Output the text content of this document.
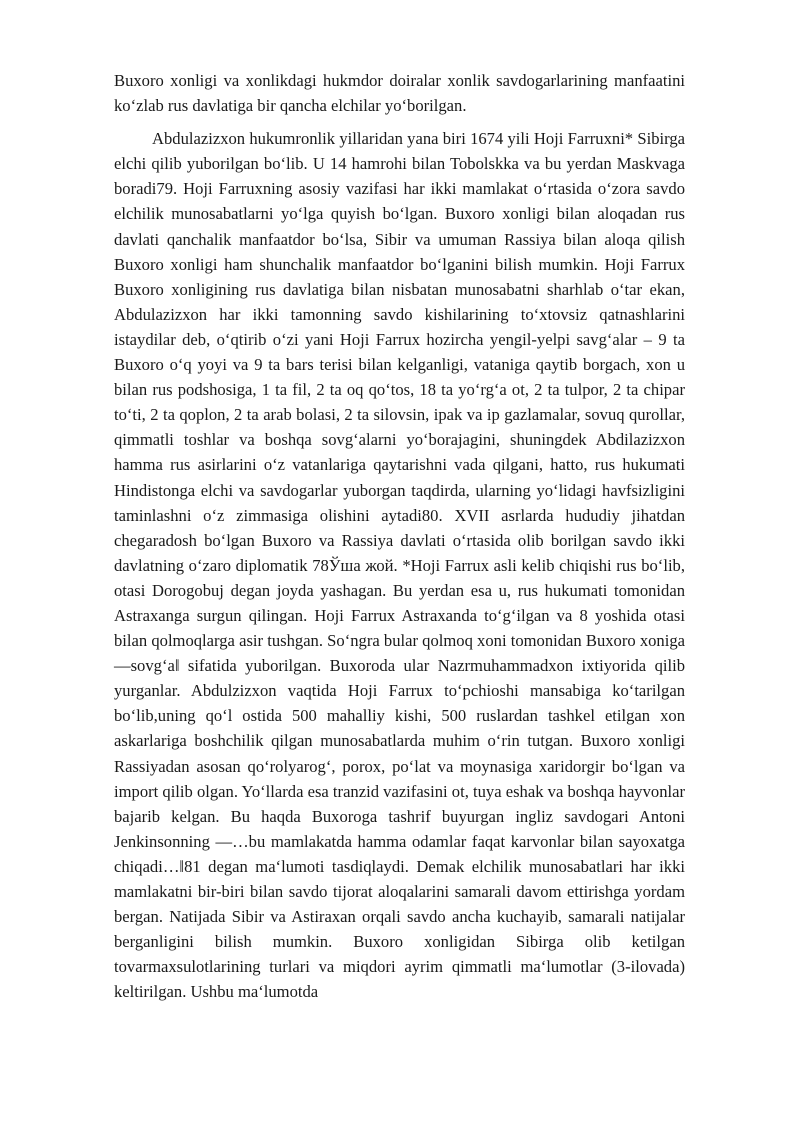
Buxoro xonligi va xonlikdagi hukmdor doiralar xonlik savdogarlarining manfaatini ko‘zlab rus davlatiga bir qancha elchilar yo‘borilgan.

Abdulazizxon hukumronlik yillaridan yana biri 1674 yili Hoji Farruxni* Sibirga elchi qilib yuborilgan bo‘lib. U 14 hamrohi bilan Tobolskka va bu yerdan Maskvaga boradi79. Hoji Farruxning asosiy vazifasi har ikki mamlakat o‘rtasida o‘zora savdo elchilik munosabatlarni yo‘lga quyish bo‘lgan. Buxoro xonligi bilan aloqadan rus davlati qanchalik manfaatdor bo‘lsa, Sibir va umuman Rassiya bilan aloqa qilish Buxoro xonligi ham shunchalik manfaatdor bo‘lganini bilish mumkin. Hoji Farrux Buxoro xonligining rus davlatiga bilan nisbatan munosabatni sharhlab o‘tar ekan, Abdulazizxon har ikki tamonning savdo kishilarining to‘xtovsiz qatnashlarini istaydilar deb, o‘qtirib o‘zi yani Hoji Farrux hozircha yengil-yelpi savg‘alar – 9 ta Buxoro o‘q yoyi va 9 ta bars terisi bilan kelganligi, vataniga qaytib borgach, xon u bilan rus podshosiga, 1 ta fil, 2 ta oq qo‘tos, 18 ta yo‘rg‘a ot, 2 ta tulpor, 2 ta chipar to‘ti, 2 ta qoplon, 2 ta arab bolasi, 2 ta silovsin, ipak va ip gazlamalar, sovuq qurollar, qimmatli toshlar va boshqa sovg‘alarni yo‘borajagini, shuningdek Abdilazizxon hamma rus asirlarini o‘z vatanlariga qaytarishni vada qilgani, hatto, rus hukumati Hindistonga elchi va savdogarlar yuborgan taqdirda, ularning yo‘lidagi havfsizligini taminlashni o‘z zimmasiga olishini aytadi80. XVII asrlarda hududiy jihatdan chegaradosh bo‘lgan Buxoro va Rassiya davlati o‘rtasida olib borilgan savdo ikki davlatning o‘zaro diplomatik 78Ўша жой. *Hoji Farrux asli kelib chiqishi rus bo‘lib, otasi Dorogobuj degan joyda yashagan. Bu yerdan esa u, rus hukumati tomonidan Astraxanga surgun qilingan. Hoji Farrux Astraxanda to‘g‘ilgan va 8 yoshida otasi bilan qolmoqlarga asir tushgan. So‘ngra bular qolmoq xoni tomonidan Buxoro xoniga ―sovg‘a‖ sifatida yuborilgan. Buxoroda ular Nazrmuhammadxon ixtiyorida qilib yurganlar. Abdulzizxon vaqtida Hoji Farrux to‘pchioshi mansabiga ko‘tarilgan bo‘lib,uning qo‘l ostida 500 mahalliy kishi, 500 ruslardan tashkel etilgan xon askarlariga boshchilik qilgan munosabatlarda muhim o‘rin tutgan. Buxoro xonligi Rassiyadan asosan qo‘rolyarog‘, porox, po‘lat va moynasiga xaridorgir bo‘lgan va import qilib olgan. Yo‘llarda esa tranzid vazifasini ot, tuya eshak va boshqa hayvonlar bajarib kelgan. Bu haqda Buxoroga tashrif buyurgan ingliz savdogari Antoni Jenkinsonning ―…bu mamlakatda hamma odamlar faqat karvonlar bilan sayoxatga chiqadi…‖81 degan ma‘lumoti tasdiqlaydi. Demak elchilik munosabatlari har ikki mamlakatni bir-biri bilan savdo tijorat aloqalarini samarali davom ettirishga yordam bergan. Natijada Sibir va Astiraxan orqali savdo ancha kuchayib, samarali natijalar berganligini bilish mumkin. Buxoro xonligidan Sibirga olib ketilgan tovarmaxsulotlarining turlari va miqdori ayrim qimmatli ma‘lumotlar (3-ilovada) keltirilgan. Ushbu ma‘lumotda
